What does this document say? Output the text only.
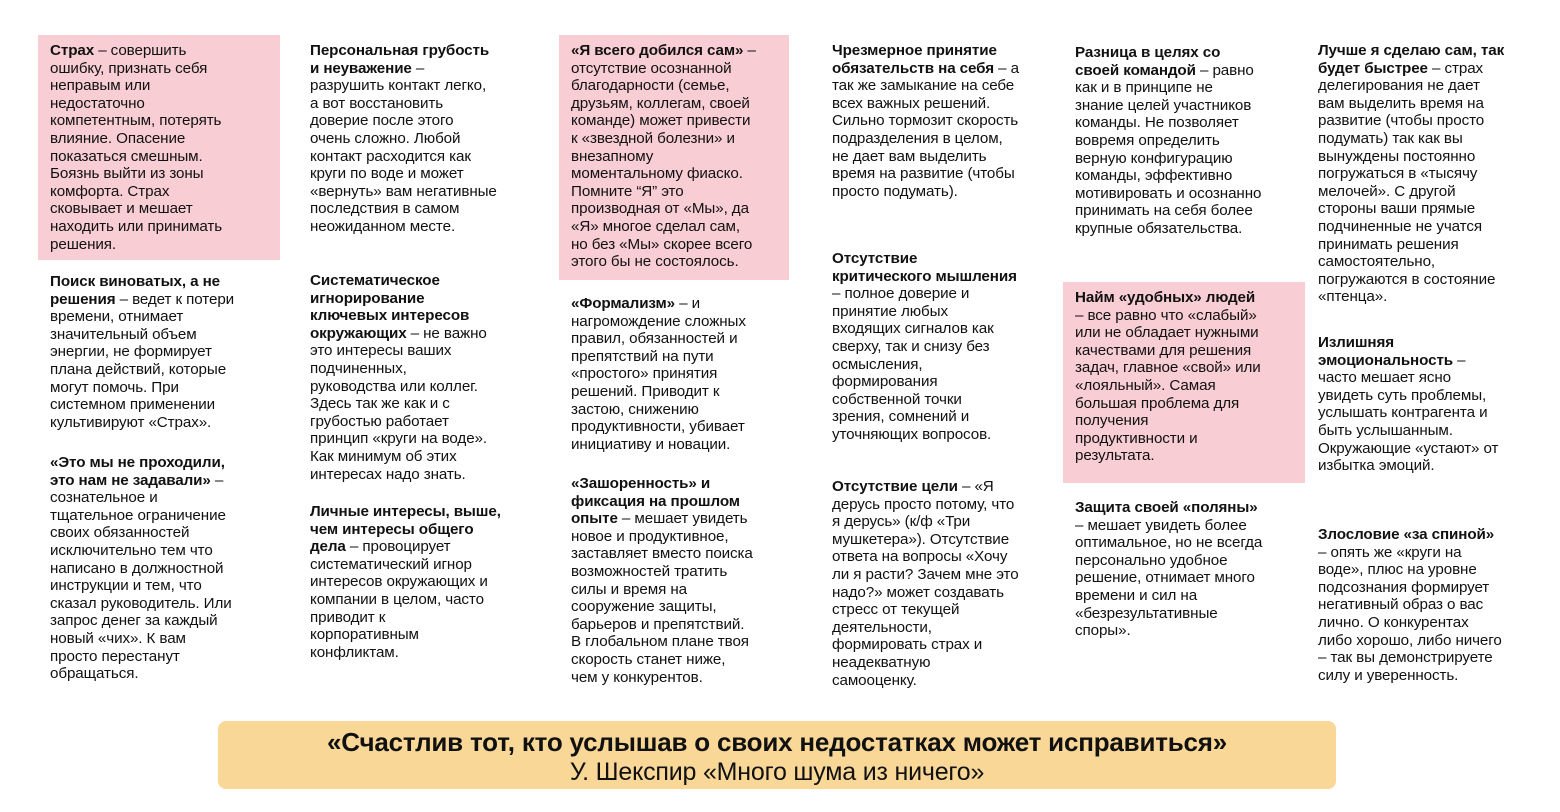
Страх – совершить
ошибку, признать себя
неправым или
недостаточно
компетентным, потерять
влияние. Опасение
показаться смешным.
Боязнь выйти из зоны
комфорта. Страх
сковывает и мешает
находить или принимать
решения.
Поиск виноватых, а не
решения – ведет к потери
времени, отнимает
значительный объем
энергии, не формирует
плана действий, которые
могут помочь. При
системном применении
культивируют «Страх».
«Это мы не проходили,
это нам не задавали» –
сознательное и
тщательное ограничение
своих обязанностей
исключительно тем что
написано в должностной
инструкции и тем, что
сказал руководитель. Или
запрос денег за каждый
новый «чих». К вам
просто перестанут
обращаться.
Персональная грубость
и неуважение –
разрушить контакт легко,
а вот восстановить
доверие после этого
очень сложно. Любой
контакт расходится как
круги по воде и может
«вернуть» вам негативные
последствия в самом
неожиданном месте.
Систематическое
игнорирование
ключевых интересов
окружающих – не важно
это интересы ваших
подчиненных,
руководства или коллег.
Здесь так же как и с
грубостью работает
принцип «круги на воде».
Как минимум об этих
интересах надо знать.
Личные интересы, выше,
чем интересы общего
дела – провоцирует
систематический игнор
интересов окружающих и
компании в целом, часто
приводит к
корпоративным
конфликтам.
«Я всего добился сам» –
отсутствие осознанной
благодарности (семье,
друзьям, коллегам, своей
команде) может привести
к «звездной болезни» и
внезапному
моментальному фиаско.
Помните “Я” это
производная от «Мы», да
«Я» многое сделал сам,
но без «Мы» скорее всего
этого бы не состоялось.
«Формализм» – и
нагромождение сложных
правил, обязанностей и
препятствий на пути
«простого» принятия
решений. Приводит к
застою, снижению
продуктивности, убивает
инициативу и новации.
«Зашоренность» и
фиксация на прошлом
опыте – мешает увидеть
новое и продуктивное,
заставляет вместо поиска
возможностей тратить
силы и время на
сооружение защиты,
барьеров и препятствий.
В глобальном плане твоя
скорость станет ниже,
чем у конкурентов.
Чрезмерное принятие
обязательств на себя – а
так же замыкание на себе
всех важных решений.
Сильно тормозит скорость
подразделения в целом,
не дает вам выделить
время на развитие (чтобы
просто подумать).
Отсутствие
критического мышления
– полное доверие и
принятие любых
входящих сигналов как
сверху, так и снизу без
осмысления,
формирования
собственной точки
зрения, сомнений и
уточняющих вопросов.
Отсутствие цели – «Я
дерусь просто потому, что
я дерусь» (к/ф «Три
мушкетера»). Отсутствие
ответа на вопросы «Хочу
ли я расти? Зачем мне это
надо?» может создавать
стресс от текущей
деятельности,
формировать страх и
неадекватную
самооценку.
Разница в целях со
своей командой – равно
как и в принципе не
знание целей участников
команды. Не позволяет
вовремя определить
верную конфигурацию
команды, эффективно
мотивировать и осознанно
принимать на себя более
крупные обязательства.
Найм «удобных» людей
– все равно что «слабый»
или не обладает нужными
качествами для решения
задач, главное «свой» или
«лояльный». Самая
большая проблема для
получения
продуктивности и
результата.
Защита своей «поляны»
– мешает увидеть более
оптимальное, но не всегда
персонально удобное
решение, отнимает много
времени и сил на
«безрезультативные
споры».
Лучше я сделаю сам, так
будет быстрее – страх
делегирования не дает
вам выделить время на
развитие (чтобы просто
подумать) так как вы
вынуждены постоянно
погружаться в «тысячу
мелочей». С другой
стороны ваши прямые
подчиненные не учатся
принимать решения
самостоятельно,
погружаются в состояние
«птенца».
Излишняя
эмоциональность –
часто мешает ясно
увидеть суть проблемы,
услышать контрагента и
быть услышанным.
Окружающие «устают» от
избытка эмоций.
Злословие «за спиной»
– опять же «круги на
воде», плюс на уровне
подсознания формирует
негативный образ о вас
лично. О конкурентах
либо хорошо, либо ничего
– так вы демонстрируете
силу и уверенность.
«Счастлив тот, кто услышав о своих недостатках может исправиться»
У. Шекспир «Много шума из ничего»
